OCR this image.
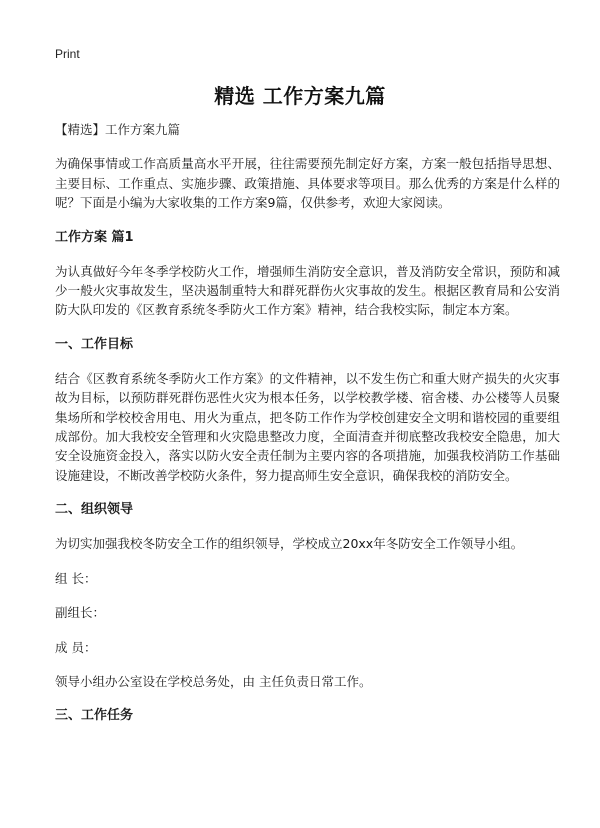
Print
精选 工作方案九篇

【精选】工作方案九篇

为确保事情或工作高质量高水平开展，往往需要预先制定好方案，方案一般包括指导思想、主要目标、工作重点、实施步骤、政策措施、具体要求等项目。那么优秀的方案是什么样的呢？下面是小编为大家收集的工作方案9篇，仅供参考，欢迎大家阅读。

工作方案 篇1

为认真做好今年冬季学校防火工作，增强师生消防安全意识，普及消防安全常识，预防和减少一般火灾事故发生，坚决遏制重特大和群死群伤火灾事故的发生。根据区教育局和公安消防大队印发的《区教育系统冬季防火工作方案》精神，结合我校实际，制定本方案。

一、工作目标

结合《区教育系统冬季防火工作方案》的文件精神，以不发生伤亡和重大财产损失的火灾事故为目标，以预防群死群伤恶性火灾为根本任务，以学校教学楼、宿舍楼、办公楼等人员聚集场所和学校校舍用电、用火为重点，把冬防工作作为学校创建安全文明和谐校园的重要组成部份。加大我校安全管理和火灾隐患整改力度，全面清查并彻底整改我校安全隐患，加大安全设施资金投入，落实以防火安全责任制为主要内容的各项措施，加强我校消防工作基础设施建设，不断改善学校防火条件，努力提高师生安全意识，确保我校的消防安全。

二、组织领导

为切实加强我校冬防安全工作的组织领导，学校成立20xx年冬防安全工作领导小组。

组 长：

副组长：

成 员：

领导小组办公室设在学校总务处，由 主任负责日常工作。

三、工作任务
